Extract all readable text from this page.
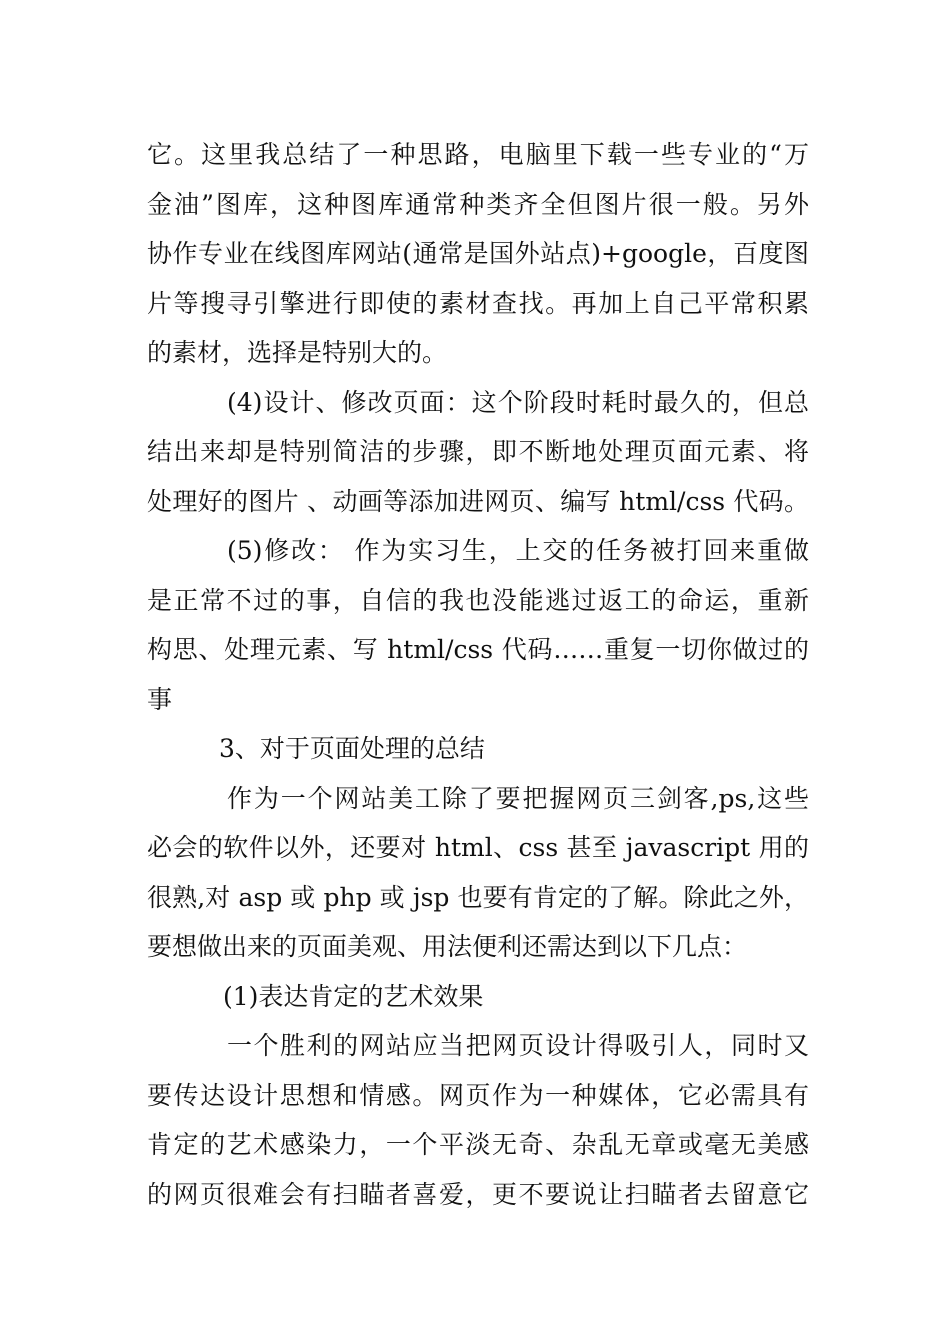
它。这里我总结了一种思路，电脑里下载一些专业的“万
金油”图库，这种图库通常种类齐全但图片很一般。另外
协作专业在线图库网站(通常是国外站点)+google，百度图
片等搜寻引擎进行即使的素材查找。再加上自己平常积累
的素材，选择是特别大的。
(4)设计、修改页面：这个阶段时耗时最久的，但总
结出来却是特别简洁的步骤，即不断地处理页面元素、将
处理好的图片 、动画等添加进网页、编写 html/css 代码。
(5)修改： 作为实习生，上交的任务被打回来重做
是正常不过的事，自信的我也没能逃过返工的命运，重新
构思、处理元素、写 html/css 代码……重复一切你做过的
事
3、对于页面处理的总结
作为一个网站美工除了要把握网页三剑客,ps,这些
必会的软件以外，还要对 html、css 甚至 javascript 用的
很熟,对 asp 或 php 或 jsp 也要有肯定的了解。除此之外，
要想做出来的页面美观、用法便利还需达到以下几点：
(1)表达肯定的艺术效果
一个胜利的网站应当把网页设计得吸引人，同时又
要传达设计思想和情感。网页作为一种媒体，它必需具有
肯定的艺术感染力，一个平淡无奇、杂乱无章或毫无美感
的网页很难会有扫瞄者喜爱，更不要说让扫瞄者去留意它
